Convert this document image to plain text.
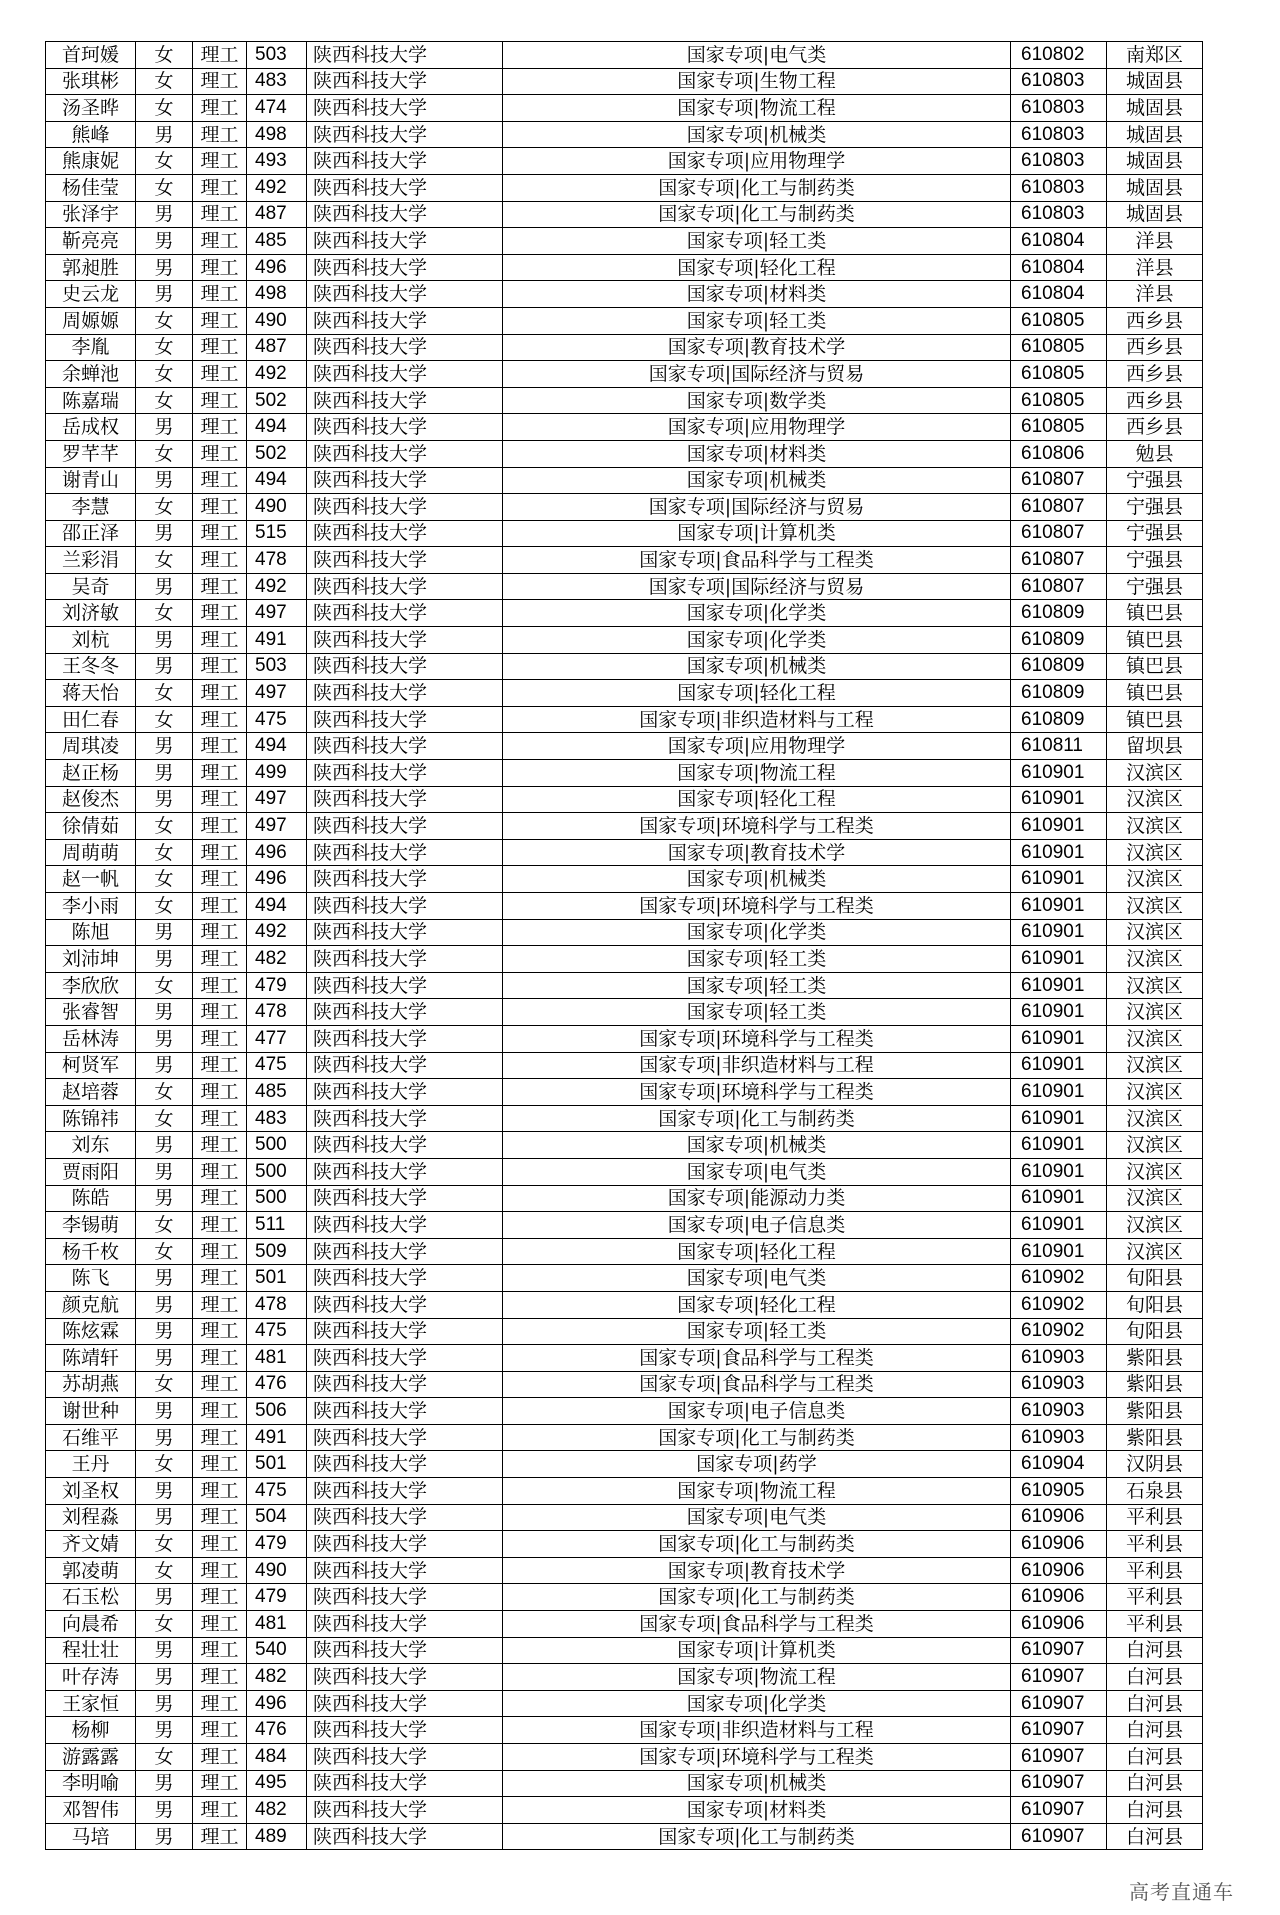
首珂媛	女	理工	503	陕西科技大学	国家专项|电气类	610802	南郑区
张琪彬	女	理工	483	陕西科技大学	国家专项|生物工程	610803	城固县
汤圣晔	女	理工	474	陕西科技大学	国家专项|物流工程	610803	城固县
熊峰	男	理工	498	陕西科技大学	国家专项|机械类	610803	城固县
熊康妮	女	理工	493	陕西科技大学	国家专项|应用物理学	610803	城固县
杨佳莹	女	理工	492	陕西科技大学	国家专项|化工与制药类	610803	城固县
张泽宇	男	理工	487	陕西科技大学	国家专项|化工与制药类	610803	城固县
靳亮亮	男	理工	485	陕西科技大学	国家专项|轻工类	610804	洋县
郭昶胜	男	理工	496	陕西科技大学	国家专项|轻化工程	610804	洋县
史云龙	男	理工	498	陕西科技大学	国家专项|材料类	610804	洋县
周嫄嫄	女	理工	490	陕西科技大学	国家专项|轻工类	610805	西乡县
李胤	女	理工	487	陕西科技大学	国家专项|教育技术学	610805	西乡县
余蝉池	女	理工	492	陕西科技大学	国家专项|国际经济与贸易	610805	西乡县
陈嘉瑞	女	理工	502	陕西科技大学	国家专项|数学类	610805	西乡县
岳成权	男	理工	494	陕西科技大学	国家专项|应用物理学	610805	西乡县
罗芊芊	女	理工	502	陕西科技大学	国家专项|材料类	610806	勉县
谢青山	男	理工	494	陕西科技大学	国家专项|机械类	610807	宁强县
李慧	女	理工	490	陕西科技大学	国家专项|国际经济与贸易	610807	宁强县
邵正泽	男	理工	515	陕西科技大学	国家专项|计算机类	610807	宁强县
兰彩涓	女	理工	478	陕西科技大学	国家专项|食品科学与工程类	610807	宁强县
吴奇	男	理工	492	陕西科技大学	国家专项|国际经济与贸易	610807	宁强县
刘济敏	女	理工	497	陕西科技大学	国家专项|化学类	610809	镇巴县
刘杭	男	理工	491	陕西科技大学	国家专项|化学类	610809	镇巴县
王冬冬	男	理工	503	陕西科技大学	国家专项|机械类	610809	镇巴县
蒋天怡	女	理工	497	陕西科技大学	国家专项|轻化工程	610809	镇巴县
田仁春	女	理工	475	陕西科技大学	国家专项|非织造材料与工程	610809	镇巴县
周琪凌	男	理工	494	陕西科技大学	国家专项|应用物理学	610811	留坝县
赵正杨	男	理工	499	陕西科技大学	国家专项|物流工程	610901	汉滨区
赵俊杰	男	理工	497	陕西科技大学	国家专项|轻化工程	610901	汉滨区
徐倩茹	女	理工	497	陕西科技大学	国家专项|环境科学与工程类	610901	汉滨区
周萌萌	女	理工	496	陕西科技大学	国家专项|教育技术学	610901	汉滨区
赵一帆	女	理工	496	陕西科技大学	国家专项|机械类	610901	汉滨区
李小雨	女	理工	494	陕西科技大学	国家专项|环境科学与工程类	610901	汉滨区
陈旭	男	理工	492	陕西科技大学	国家专项|化学类	610901	汉滨区
刘沛坤	男	理工	482	陕西科技大学	国家专项|轻工类	610901	汉滨区
李欣欣	女	理工	479	陕西科技大学	国家专项|轻工类	610901	汉滨区
张睿智	男	理工	478	陕西科技大学	国家专项|轻工类	610901	汉滨区
岳林涛	男	理工	477	陕西科技大学	国家专项|环境科学与工程类	610901	汉滨区
柯贤军	男	理工	475	陕西科技大学	国家专项|非织造材料与工程	610901	汉滨区
赵培蓉	女	理工	485	陕西科技大学	国家专项|环境科学与工程类	610901	汉滨区
陈锦祎	女	理工	483	陕西科技大学	国家专项|化工与制药类	610901	汉滨区
刘东	男	理工	500	陕西科技大学	国家专项|机械类	610901	汉滨区
贾雨阳	男	理工	500	陕西科技大学	国家专项|电气类	610901	汉滨区
陈皓	男	理工	500	陕西科技大学	国家专项|能源动力类	610901	汉滨区
李锡萌	女	理工	511	陕西科技大学	国家专项|电子信息类	610901	汉滨区
杨千枚	女	理工	509	陕西科技大学	国家专项|轻化工程	610901	汉滨区
陈飞	男	理工	501	陕西科技大学	国家专项|电气类	610902	旬阳县
颜克航	男	理工	478	陕西科技大学	国家专项|轻化工程	610902	旬阳县
陈炫霖	男	理工	475	陕西科技大学	国家专项|轻工类	610902	旬阳县
陈靖轩	男	理工	481	陕西科技大学	国家专项|食品科学与工程类	610903	紫阳县
苏胡燕	女	理工	476	陕西科技大学	国家专项|食品科学与工程类	610903	紫阳县
谢世种	男	理工	506	陕西科技大学	国家专项|电子信息类	610903	紫阳县
石维平	男	理工	491	陕西科技大学	国家专项|化工与制药类	610903	紫阳县
王丹	女	理工	501	陕西科技大学	国家专项|药学	610904	汉阴县
刘圣权	男	理工	475	陕西科技大学	国家专项|物流工程	610905	石泉县
刘程淼	男	理工	504	陕西科技大学	国家专项|电气类	610906	平利县
齐文婧	女	理工	479	陕西科技大学	国家专项|化工与制药类	610906	平利县
郭凌萌	女	理工	490	陕西科技大学	国家专项|教育技术学	610906	平利县
石玉松	男	理工	479	陕西科技大学	国家专项|化工与制药类	610906	平利县
向晨希	女	理工	481	陕西科技大学	国家专项|食品科学与工程类	610906	平利县
程壮壮	男	理工	540	陕西科技大学	国家专项|计算机类	610907	白河县
叶存涛	男	理工	482	陕西科技大学	国家专项|物流工程	610907	白河县
王家恒	男	理工	496	陕西科技大学	国家专项|化学类	610907	白河县
杨柳	男	理工	476	陕西科技大学	国家专项|非织造材料与工程	610907	白河县
游露露	女	理工	484	陕西科技大学	国家专项|环境科学与工程类	610907	白河县
李明喻	男	理工	495	陕西科技大学	国家专项|机械类	610907	白河县
邓智伟	男	理工	482	陕西科技大学	国家专项|材料类	610907	白河县
马培	男	理工	489	陕西科技大学	国家专项|化工与制药类	610907	白河县
高考直通车
